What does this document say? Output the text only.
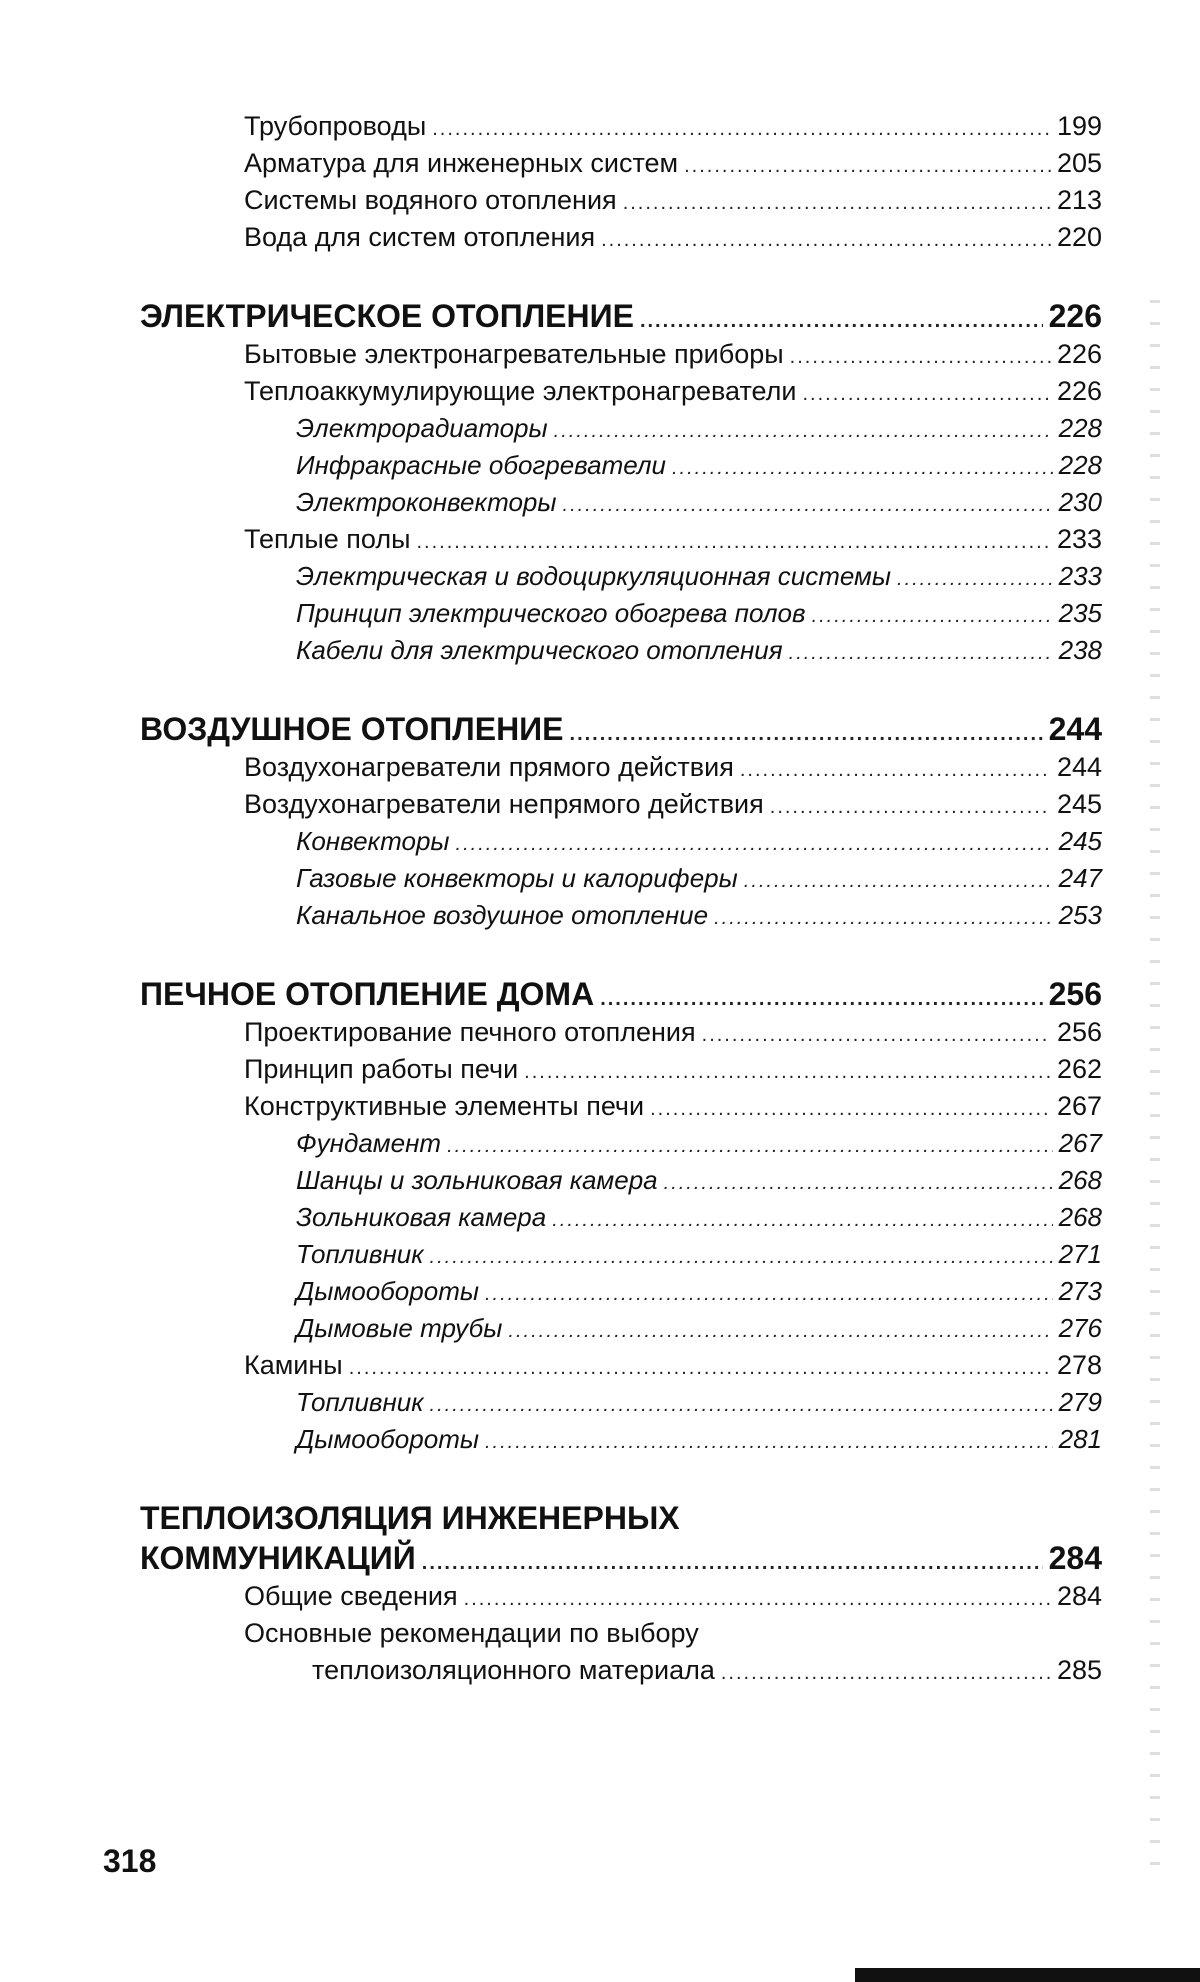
Трубопроводы .....	199
Арматура для инженерных систем .....	205
Системы водяного отопления .....	213
Вода для систем отопления .....	220
ЭЛЕКТРИЧЕСКОЕ ОТОПЛЕНИЕ .....	226
Бытовые электронагревательные приборы .....	226
Теплоаккумулирующие электронагреватели .....	226
Электрорадиаторы .....	228
Инфракрасные обогреватели .....	228
Электроконвекторы .....	230
Теплые полы .....	233
Электрическая и водоциркуляционная системы .....	233
Принцип электрического обогрева полов .....	235
Кабели для электрического отопления .....	238
ВОЗДУШНОЕ ОТОПЛЕНИЕ .....	244
Воздухонагреватели прямого действия .....	244
Воздухонагреватели непрямого действия .....	245
Конвекторы .....	245
Газовые конвекторы и калориферы .....	247
Канальное воздушное отопление .....	253
ПЕЧНОЕ ОТОПЛЕНИЕ ДОМА .....	256
Проектирование печного отопления .....	256
Принцип работы печи .....	262
Конструктивные элементы печи .....	267
Фундамент .....	267
Шанцы и зольниковая камера .....	268
Зольниковая камера .....	268
Топливник .....	271
Дымообороты .....	273
Дымовые трубы .....	276
Камины .....	278
Топливник .....	279
Дымообороты .....	281
ТЕПЛОИЗОЛЯЦИЯ ИНЖЕНЕРНЫХ
КОММУНИКАЦИЙ .....	284
Общие сведения .....	284
Основные рекомендации по выбору
теплоизоляционного материала .....	285
318
